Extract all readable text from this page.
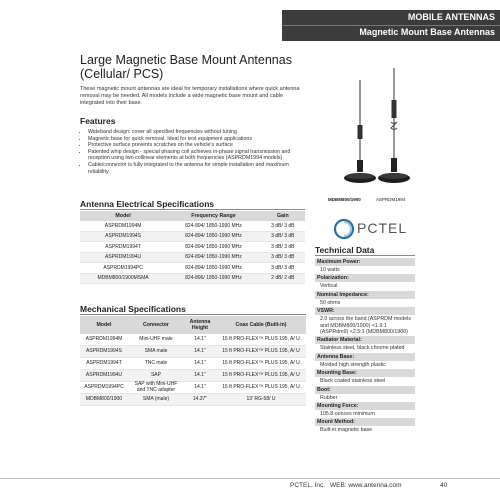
MOBILE ANTENNAS
Magnetic Mount Base Antennas
Large Magnetic Base Mount Antennas
(Cellular/ PCS)
These magnetic mount antennas are ideal for temporary installations where quick antenna removal may be needed. All models include a wide magnetic base mount and cable integrated into their base.
Features
• Wideband design: cover all specified frequencies without tuning
• Magnetic base for quick removal. Ideal for test equipment applications
• Protective surface prevents scratches on the vehicle's surface
• Patented whip design - special phasing coil achieves in-phase signal transmission and reception using two collinear elements at both frequencies (ASPRDM1994 models)
• Cable/connector is fully integrated to the antenna for simple installation and maximum reliability
MDBM800/1900	ASPRDM1994
PCTEL
Antenna Electrical Specifications
Model	Frequency Range	Gain
ASPRDM1994M	824-894/ 1850-1990 MHz	3 dB/ 3 dB
ASPRDM1994S	824-894/ 1850-1990 MHz	3 dB/ 3 dB
ASPRDM1994T	824-894/ 1850-1990 MHz	3 dB/ 3 dB
ASPRDM1994U	824-894/ 1850-1990 MHz	3 dB/ 3 dB
ASPRDM1994PC	824-894/ 1850-1990 MHz	3 dB/ 3 dB
MDBM800/1900MSMA	824-896/ 1850-1990 MHz	2 dB/ 2 dB
Mechanical Specifications
Model	Connector	Antenna Height	Coax Cable (Built-in)
ASPRDM1994M	Mini-UHF male	14.1"	15 ft PRO-FLEX™ PLUS 195, A/ U
ASPRDM1994S	SMA male	14.1"	15 ft PRO-FLEX™ PLUS 195, A/ U
ASPRDM1994T	TNC male	14.1"	15 ft PRO-FLEX™ PLUS 195, A/ U
ASPRDM1994U	SAP	14.1"	15 ft PRO-FLEX™ PLUS 195, A/ U
ASPRDM1994PC	SAP with Mini-UHF and TNC adapter	14.1"	15 ft PRO-FLEX™ PLUS 195, A/ U
MDBM800/1900	SMA (male)	14.37"	13' RG-58/ U
Technical Data
Maximum Power:
10 watts
Polarization:
Vertical
Nominal Impedance:
50 ohms
VSWR:
2.0 across the band (ASPRDM models and MDBM800/1900) <1.9:1 (ASPRdm9) <2.5:1 (MDBM800/1900)
Radiator Material:
Stainless steel, black chrome plated
Antenna Base:
Molded high strength plastic
Mounting Base:
Black coated stainless steel
Boot:
Rubber
Mounting Force:
105.8 ounces minimum
Mount Method:
Built-in magnetic base
PCTEL, Inc. WEB: www.antenna.com	40
